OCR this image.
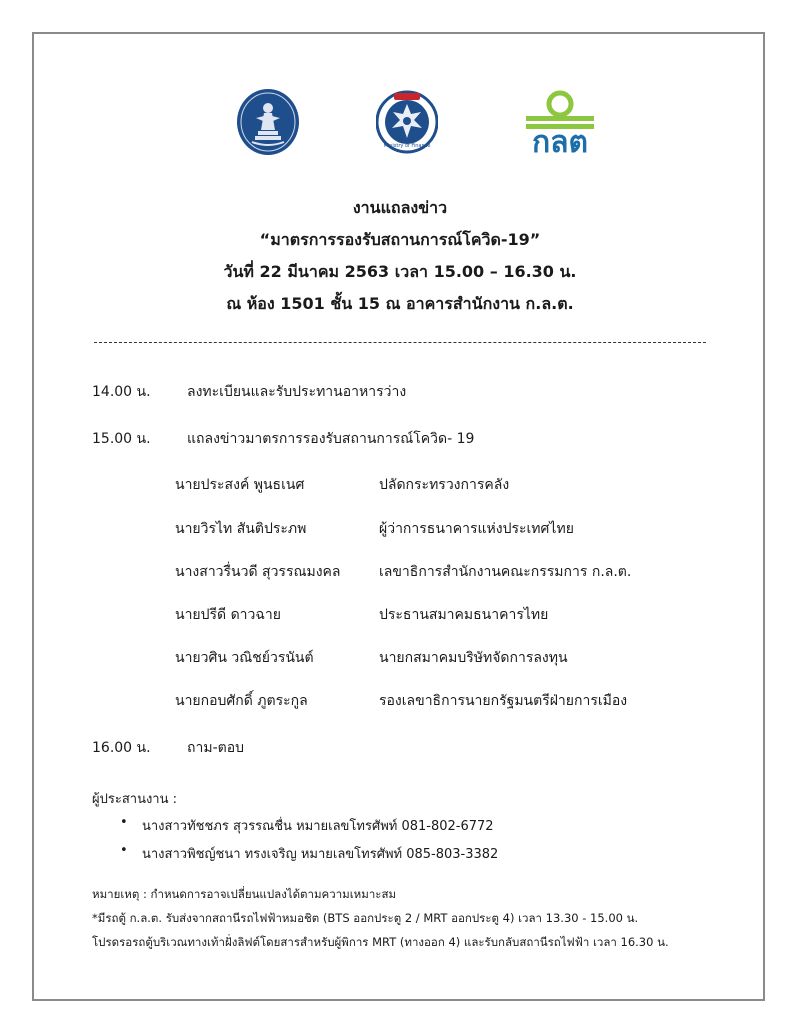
Ministry of Finance	กลต
งานแถลงข่าว
“มาตรการรองรับสถานการณ์โควิด-19”
วันที่ 22 มีนาคม 2563 เวลา 15.00 – 16.30 น.
ณ ห้อง 1501 ชั้น 15 ณ อาคารสำนักงาน ก.ล.ต.
14.00 น.	ลงทะเบียนและรับประทานอาหารว่าง
15.00 น.	แถลงข่าวมาตรการรองรับสถานการณ์โควิด- 19
นายประสงค์ พูนธเนศ	ปลัดกระทรวงการคลัง
นายวิรไท สันติประภพ	ผู้ว่าการธนาคารแห่งประเทศไทย
นางสาวรื่นวดี สุวรรณมงคล	เลขาธิการสำนักงานคณะกรรมการ ก.ล.ต.
นายปรีดี ดาวฉาย	ประธานสมาคมธนาคารไทย
นายวศิน วณิชย์วรนันต์	นายกสมาคมบริษัทจัดการลงทุน
นายกอบศักดิ์ ภูตระกูล	รองเลขาธิการนายกรัฐมนตรีฝ่ายการเมือง
16.00 น.	ถาม-ตอบ
ผู้ประสานงาน :
• นางสาวทัชชภร สุวรรณชื่น หมายเลขโทรศัพท์ 081-802-6772
• นางสาวพิชญ์ชนา ทรงเจริญ หมายเลขโทรศัพท์ 085-803-3382
หมายเหตุ : กำหนดการอาจเปลี่ยนแปลงได้ตามความเหมาะสม
*มีรถตู้ ก.ล.ต. รับส่งจากสถานีรถไฟฟ้าหมอชิต (BTS ออกประตู 2 / MRT ออกประตู 4) เวลา 13.30 - 15.00 น.
โปรดรอรถตู้บริเวณทางเท้าฝั่งลิฟต์โดยสารสำหรับผู้พิการ MRT (ทางออก 4) และรับกลับสถานีรถไฟฟ้า เวลา 16.30 น.
